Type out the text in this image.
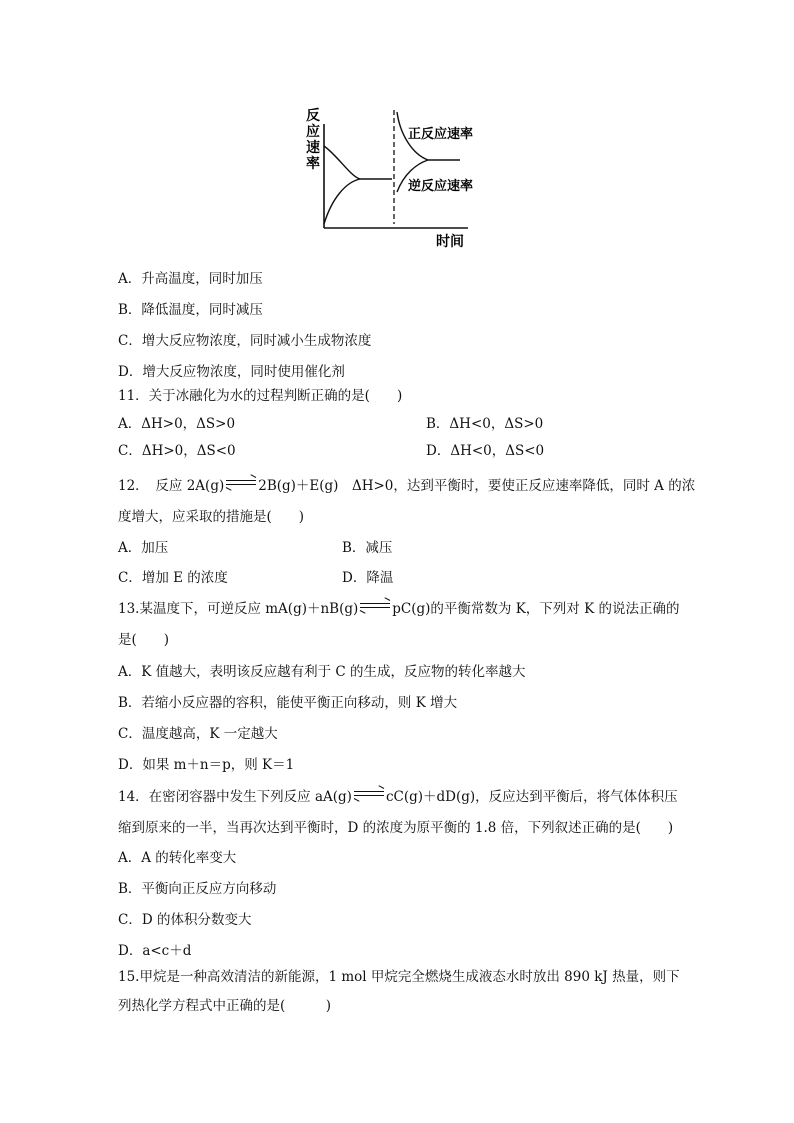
反
应
速
率
正反应速率
逆反应速率
时间
A．升高温度，同时加压
B．降低温度，同时减压
C．增大反应物浓度，同时减小生成物浓度
D．增大反应物浓度，同时使用催化剂
11．关于冰融化为水的过程判断正确的是(　　)
A．ΔH>0，ΔS>0	B．ΔH<0，ΔS>0
C．ΔH>0，ΔS<0	D．ΔH<0，ΔS<0
12．　反应 2A(g)	2B(g)＋E(g)　ΔH>0，达到平衡时，要使正反应速率降低，同时 A 的浓
度增大，应采取的措施是(　　)
A．加压	B．减压
C．增加 E 的浓度	D．降温
13.某温度下，可逆反应 mA(g)＋nB(g)	pC(g)的平衡常数为 K，下列对 K 的说法正确的
是(　　)
A．K 值越大，表明该反应越有利于 C 的生成，反应物的转化率越大
B．若缩小反应器的容积，能使平衡正向移动，则 K 增大
C．温度越高，K 一定越大
D．如果 m＋n＝p，则 K＝1
14．在密闭容器中发生下列反应 aA(g)	cC(g)＋dD(g)，反应达到平衡后，将气体体积压
缩到原来的一半，当再次达到平衡时，D 的浓度为原平衡的 1.8 倍，下列叙述正确的是(　　)
A．A 的转化率变大
B．平衡向正反应方向移动
C．D 的体积分数变大
D．a<c＋d
15.甲烷是一种高效清洁的新能源，1 mol 甲烷完全燃烧生成液态水时放出 890 kJ 热量，则下
列热化学方程式中正确的是(　　　)
